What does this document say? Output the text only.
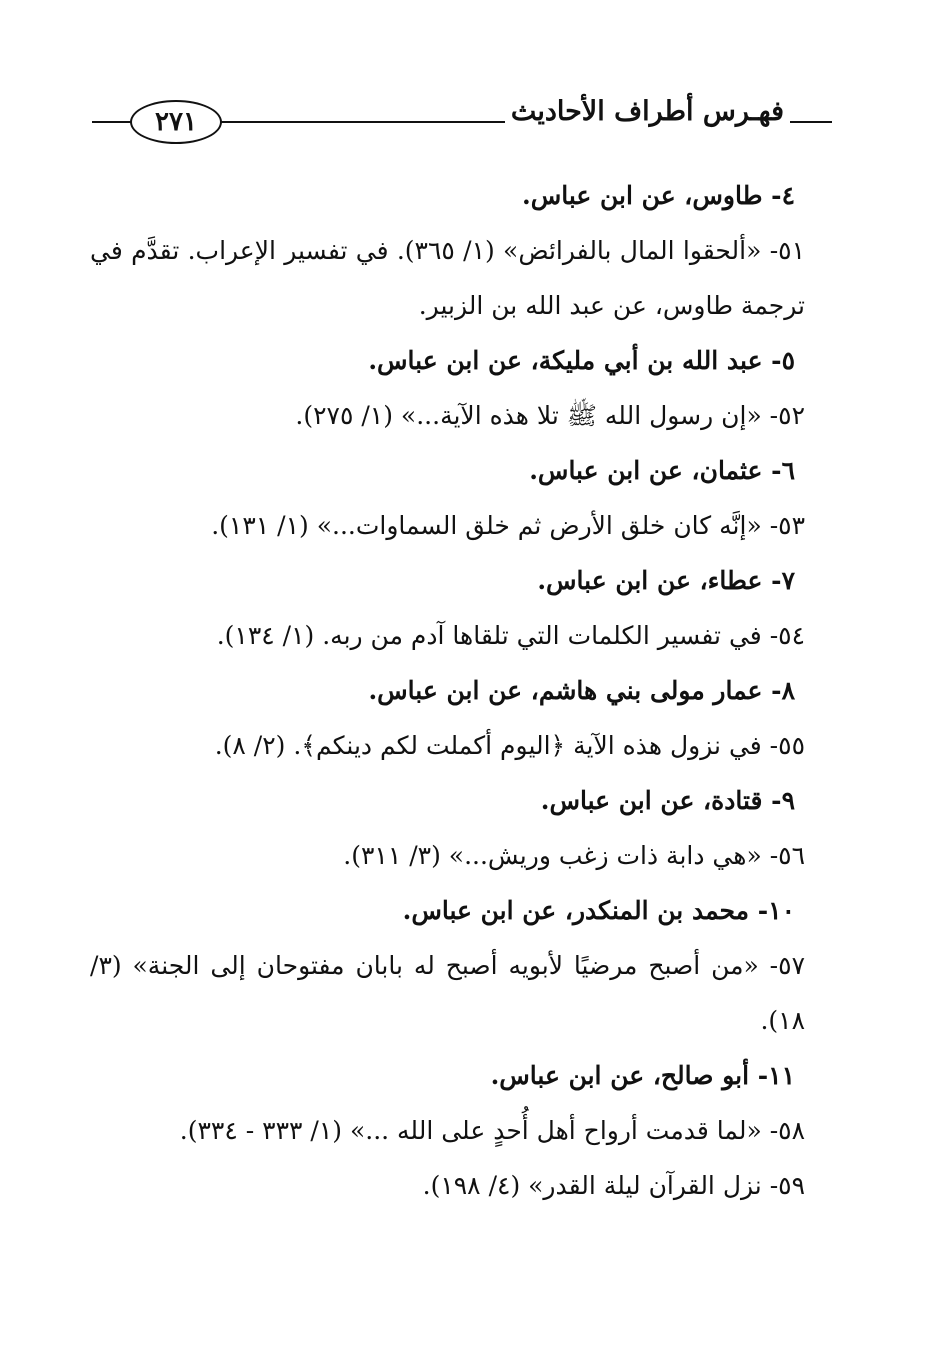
فهـرس أطراف الأحاديث
٢٧١
٤- طاوس، عن ابن عباس.
٥١- «ألحقوا المال بالفرائض» (١/ ٣٦٥). في تفسير الإعراب. تقدَّم في ترجمة طاوس، عن عبد الله بن الزبير.
٥- عبد الله بن أبي مليكة، عن ابن عباس.
٥٢- «إن رسول الله ﷺ تلا هذه الآية...» (١/ ٢٧٥).
٦- عثمان، عن ابن عباس.
٥٣- «إنَّه كان خلق الأرض ثم خلق السماوات...» (١/ ١٣١).
٧- عطاء، عن ابن عباس.
٥٤- في تفسير الكلمات التي تلقاها آدم من ربه. (١/ ١٣٤).
٨- عمار مولى بني هاشم، عن ابن عباس.
٥٥- في نزول هذه الآية ﴿اليوم أكملت لكم دينكم﴾. (٢/ ٨).
٩- قتادة، عن ابن عباس.
٥٦- «هي دابة ذات زغب وريش...» (٣/ ٣١١).
١٠- محمد بن المنكدر، عن ابن عباس.
٥٧- «من أصبح مرضيًا لأبويه أصبح له بابان مفتوحان إلى الجنة» (٣/ ١٨).
١١- أبو صالح، عن ابن عباس.
٥٨- «لما قدمت أرواح أهل أُحدٍ على الله ...» (١/ ٣٣٣ - ٣٣٤).
٥٩- نزل القرآن ليلة القدر» (٤/ ١٩٨).
